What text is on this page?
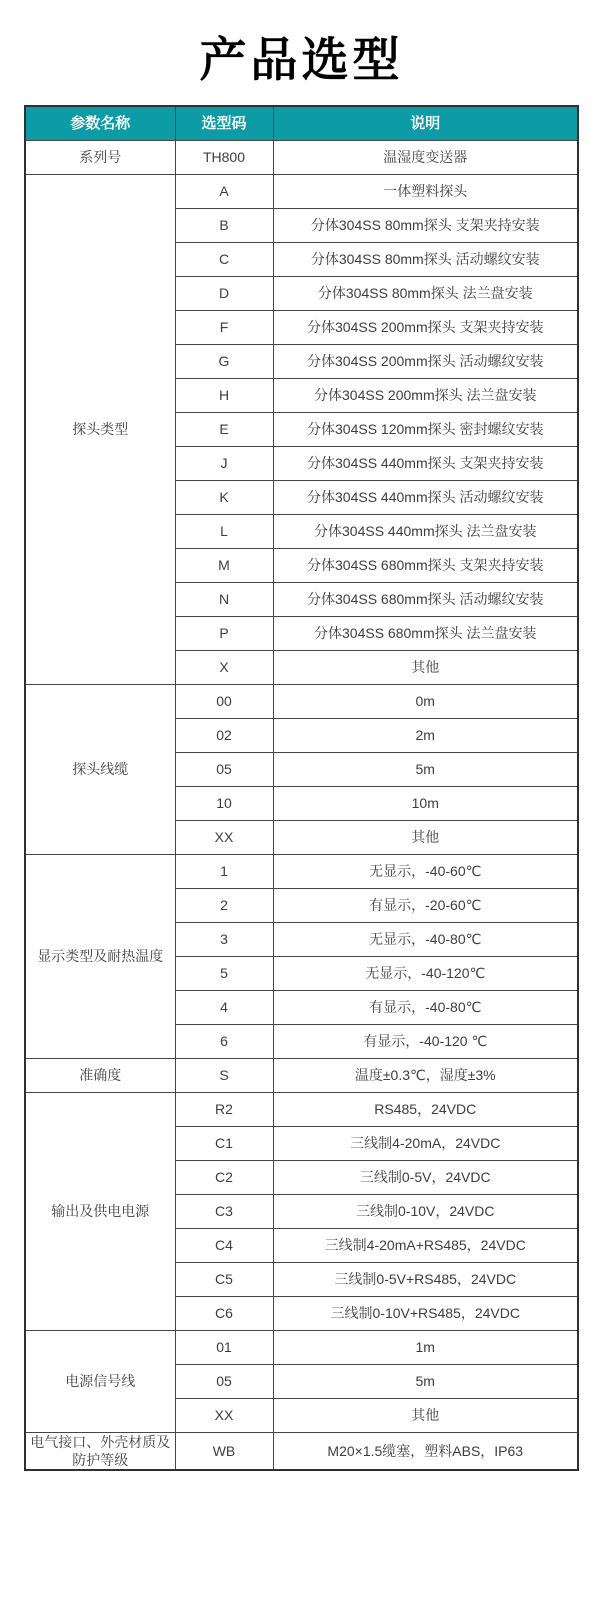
产品选型
参数名称	选型码	说明
系列号	TH800	温湿度变送器
探头类型	A	一体塑料探头
	B	分体304SS 80mm探头 支架夹持安装
	C	分体304SS 80mm探头 活动螺纹安装
	D	分体304SS 80mm探头 法兰盘安装
	F	分体304SS 200mm探头 支架夹持安装
	G	分体304SS 200mm探头 活动螺纹安装
	H	分体304SS 200mm探头 法兰盘安装
	E	分体304SS 120mm探头 密封螺纹安装
	J	分体304SS 440mm探头 支架夹持安装
	K	分体304SS 440mm探头 活动螺纹安装
	L	分体304SS 440mm探头 法兰盘安装
	M	分体304SS 680mm探头 支架夹持安装
	N	分体304SS 680mm探头 活动螺纹安装
	P	分体304SS 680mm探头 法兰盘安装
	X	其他
探头线缆	00	0m
	02	2m
	05	5m
	10	10m
	XX	其他
显示类型及耐热温度	1	无显示，-40-60℃
	2	有显示，-20-60℃
	3	无显示，-40-80℃
	5	无显示，-40-120℃
	4	有显示，-40-80℃
	6	有显示，-40-120 ℃
准确度	S	温度±0.3℃，湿度±3%
输出及供电电源	R2	RS485，24VDC
	C1	三线制4-20mA，24VDC
	C2	三线制0-5V，24VDC
	C3	三线制0-10V，24VDC
	C4	三线制4-20mA+RS485，24VDC
	C5	三线制0-5V+RS485，24VDC
	C6	三线制0-10V+RS485，24VDC
电源信号线	01	1m
	05	5m
	XX	其他
电气接口、外壳材质及防护等级	WB	M20×1.5缆塞，塑料ABS，IP63
